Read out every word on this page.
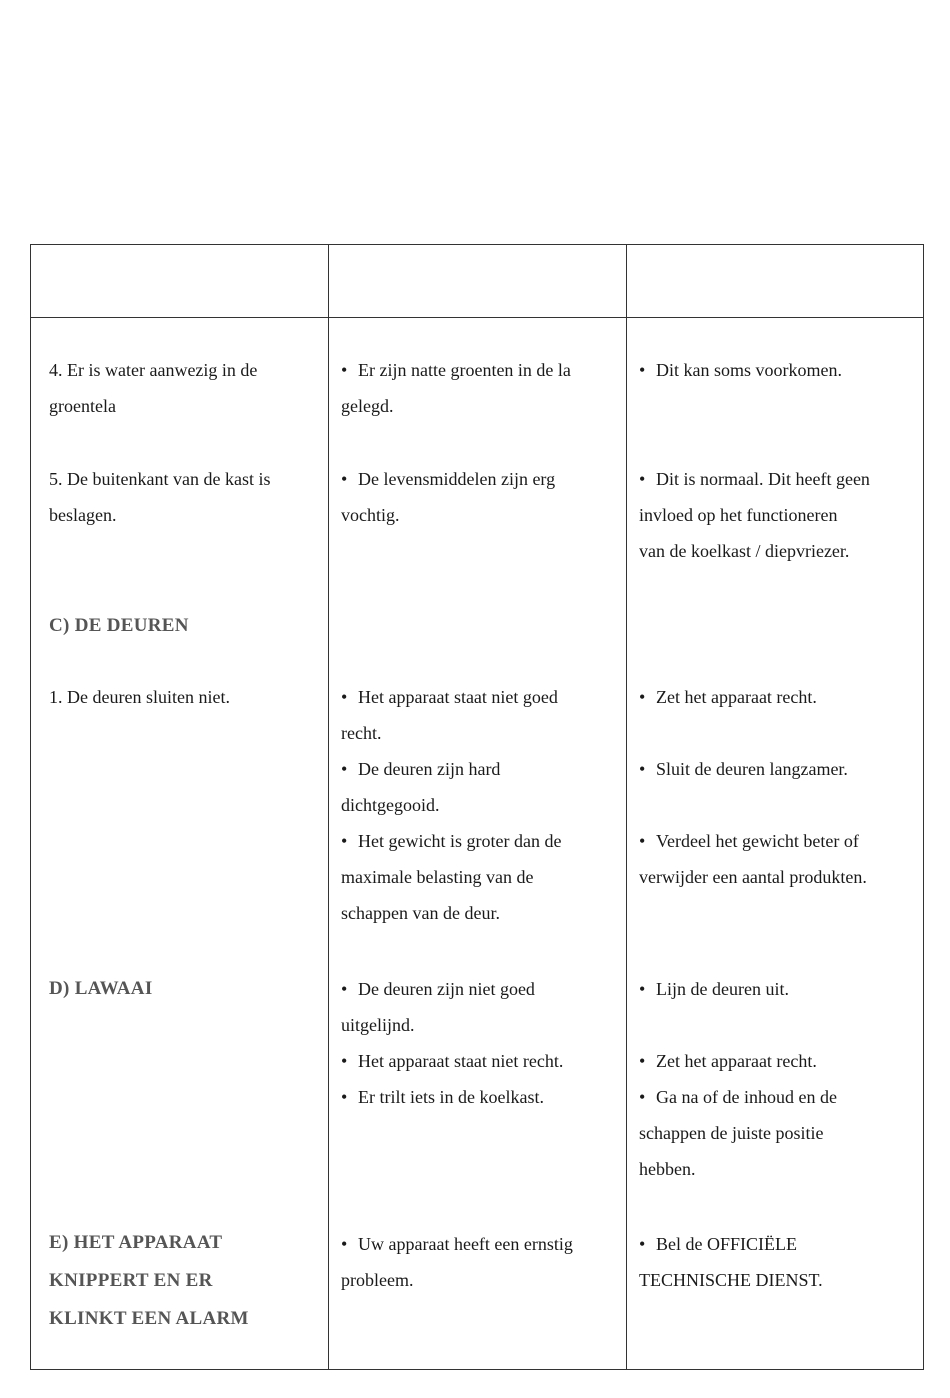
4. Er is water aanwezig in de
groentela
• Er zijn natte groenten in de la
gelegd.
• Dit kan soms voorkomen.
5. De buitenkant van de kast is
beslagen.
• De levensmiddelen zijn erg
vochtig.
• Dit is normaal. Dit heeft geen
invloed op het functioneren
van de koelkast / diepvriezer.
C) DE DEUREN
1. De deuren sluiten niet.	• Het apparaat staat niet goed
recht.
• De deuren zijn hard
dichtgegooid.
• Het gewicht is groter dan de
maximale belasting van de
schappen van de deur.
• Zet het apparaat recht.
• Sluit de deuren langzamer.
• Verdeel het gewicht beter of
verwijder een aantal produkten.
D) LAWAAI	• De deuren zijn niet goed
uitgelijnd.
• Het apparaat staat niet recht.
• Er trilt iets in de koelkast.
• Lijn de deuren uit.
• Zet het apparaat recht.
• Ga na of de inhoud en de
schappen de juiste positie
hebben.
E) HET APPARAAT
KNIPPERT EN ER
KLINKT EEN ALARM
• Uw apparaat heeft een ernstig
probleem.
• Bel de OFFICIËLE
TECHNISCHE DIENST.
